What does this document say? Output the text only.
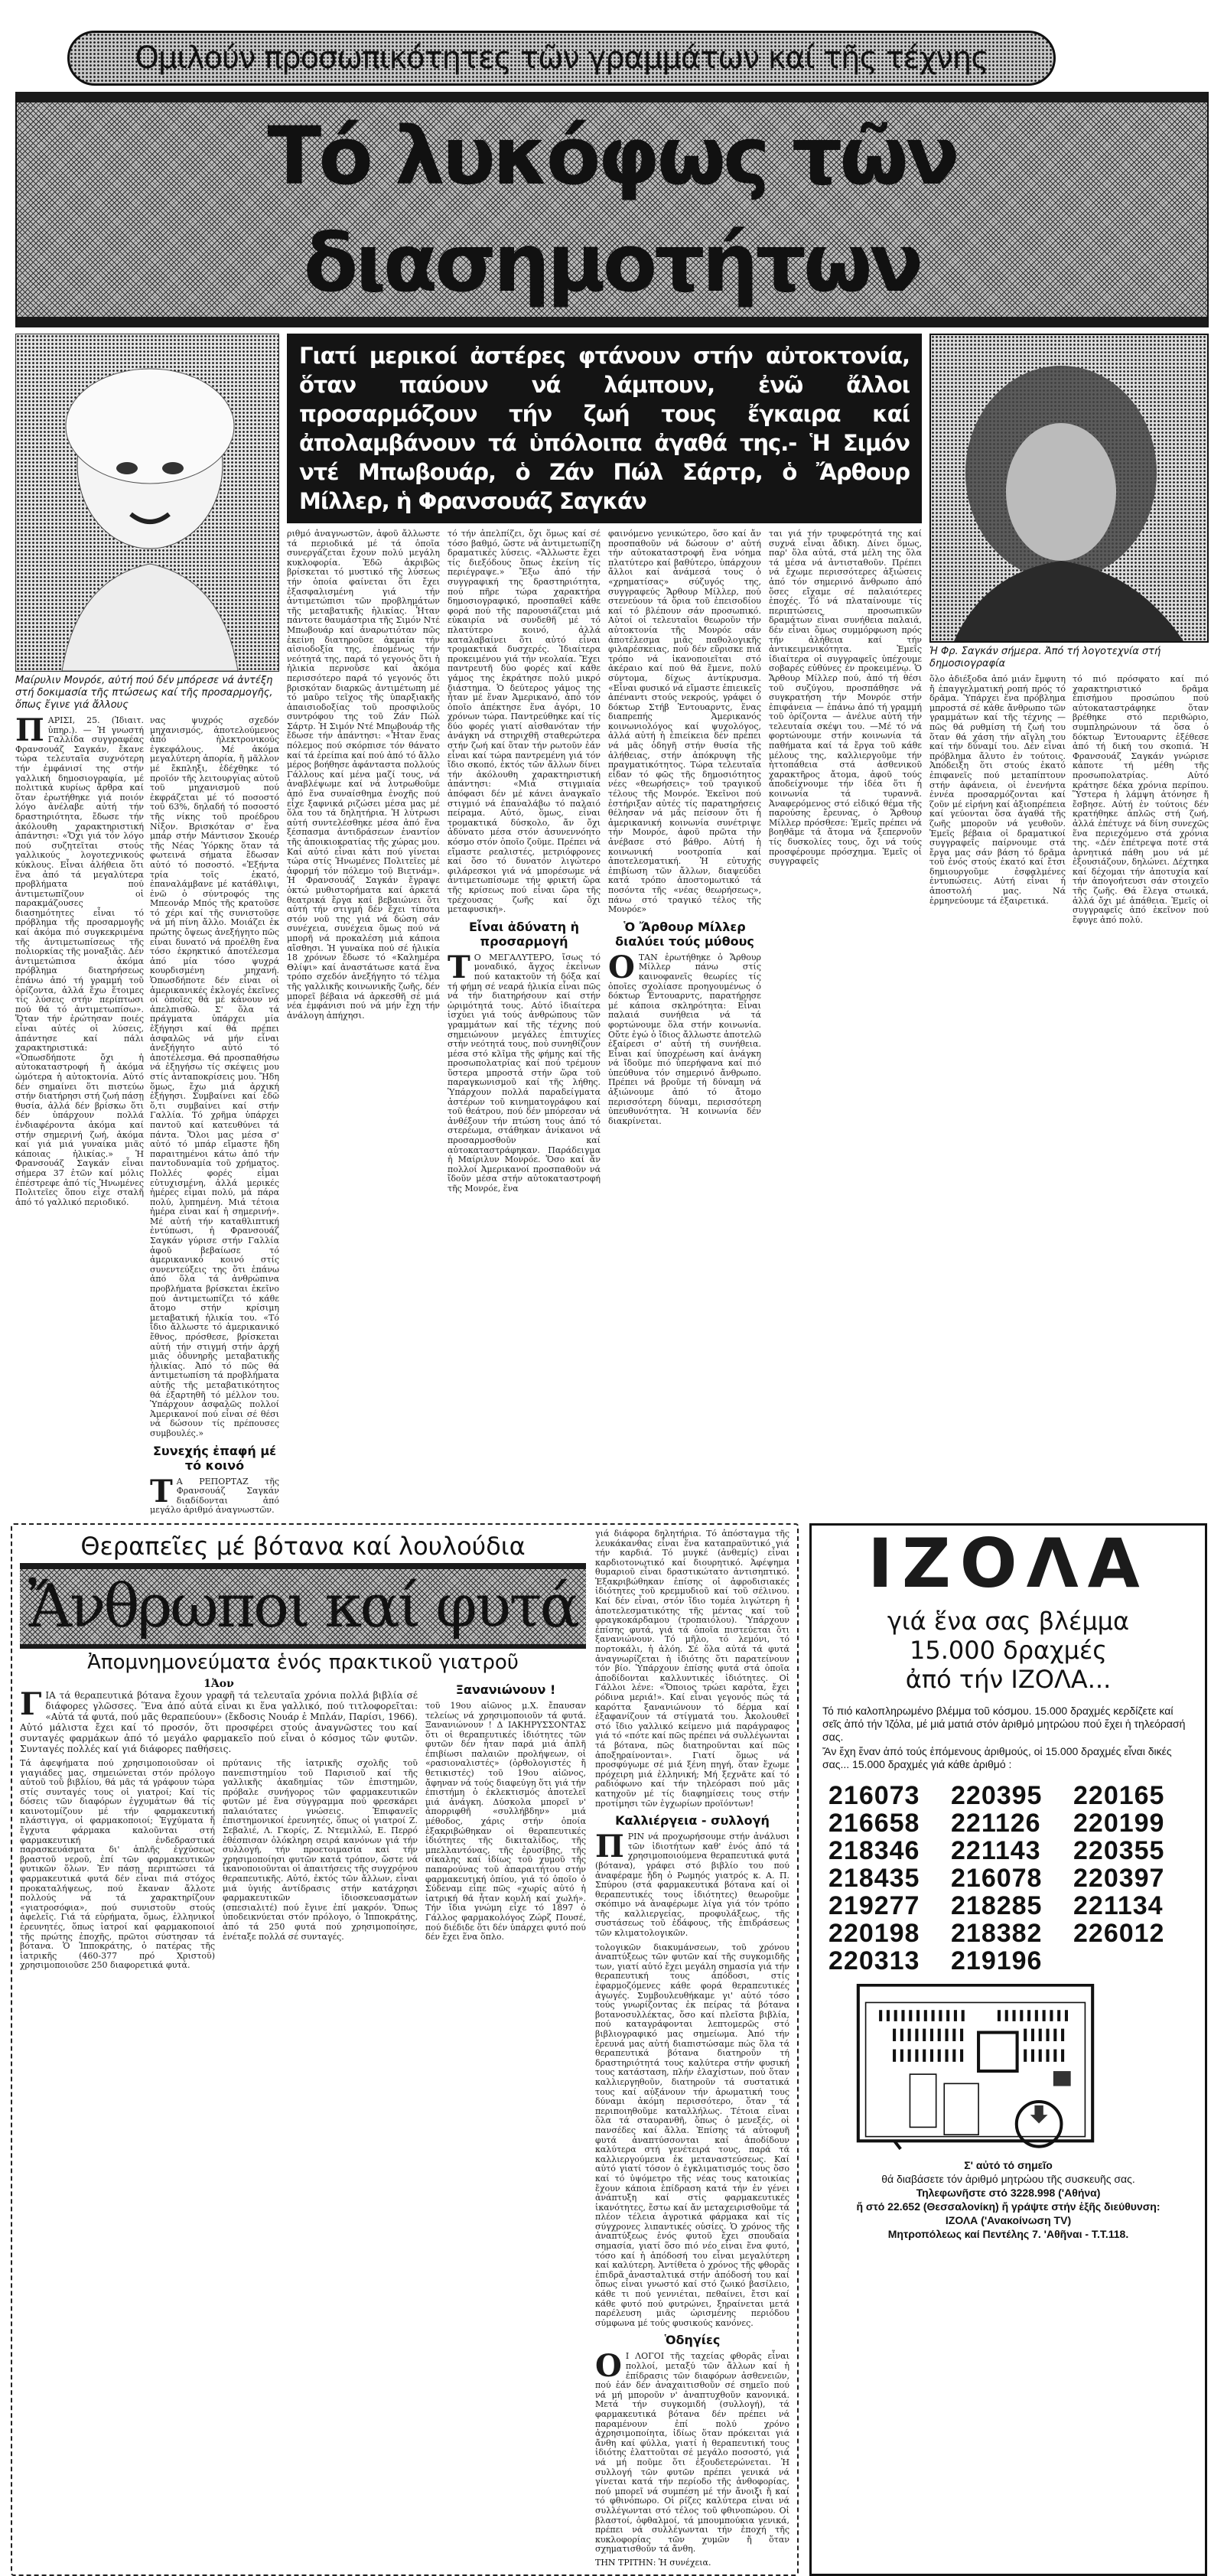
Ομιλούν προσωπικότητες τῶν γραμμάτων καί τῆς τέχνης
Τό λυκόφως τῶν διασημοτήτων
Μαίρυλιν Μονρόε, αὐτή πού δέν μπόρεσε νά ἀντέξη στή δοκιμασία τῆς πτώσεως καί τῆς προσαρμογῆς, ὅπως ἔγινε γιά ἄλλους
Π ΑΡΙΣΙ, 25. (Ἰδιαιτ. ὑπηρ.). — Ἡ γνωστή Γαλλίδα συγγραφέας Φρανσουάζ Σαγκάν, ἔκανε τώρα τελευταῖα συχνότερη τήν ἐμφάνισί της στήν γαλλική δημοσιογραφία, μέ πολιτικά κυρίως ἄρθρα καί ὅταν ἐρωτήθηκε γιά ποιόν λόγο ἀνέλαβε αὐτή τήν δραστηριότητα, ἔδωσε τήν ἀκόλουθη χαρακτηριστική ἀπάντησι: «Ὄχι γιά τόν λόγο πού συζητεῖται στούς γαλλικούς λογοτεχνικούς κύκλους. Εἶναι ἀλήθεια ὅτι ἕνα ἀπό τά μεγαλύτερα προβλήματα πού ἀντιμετωπίζουν οἱ παρακμάζουσες διασημότητες εἶναι τό πρόβλημα τῆς προσαρμογῆς καί ἀκόμα πιό συγκεκριμένα τῆς ἀντιμετωπίσεως τῆς πολιορκίας τῆς μοναξιᾶς. Δέν ἀντιμετώπισα ἀκόμα πρόβλημα διατηρήσεως ἐπάνω ἀπό τή γραμμή τοῦ ὁρίζοντα, ἀλλά ἔχω ἕτοιμες τίς λύσεις στήν περίπτωσι πού θά τό ἀντιμετωπίσω». Ὅταν τήν ἐρώτησαν ποιές εἶναι αὐτές οἱ λύσεις, ἀπάντησε καί πάλι χαρακτηριστικά: «Ὁπωσδήποτε ὄχι ἡ αὐτοκαταστροφή ἤ ἀκόμα ὠμότερα ἡ αὐτοκτονία. Αὐτό δέν σημαίνει ὅτι πιστεύω στήν διατήρησι στή ζωή πάσῃ θυσία, ἀλλά δέν βρίσκω ὅτι δέν ὑπάρχουν πολλά ἐνδιαφέροντα ἀκόμα καί στήν σημερινή ζωή, ἀκόμα καί γιά μιά γυναίκα μιᾶς κάποιας ἡλικίας.» Ἡ Φρανσουάζ Σαγκάν εἶναι σήμερα 37 ἐτῶν καί μόλις ἐπέστρεφε ἀπό τίς Ἡνωμένες Πολιτεῖες ὅπου εἶχε σταλῆ ἀπό τό γαλλικό περιοδικό.
νας ψυχρός σχεδόν μηχανισμός, ἀποτελούμενος ἀπό ἠλεκτρονικούς ἐγκεφάλους. Μέ ἀκόμα μεγαλύτερη ἀπορία, ἤ μᾶλλον μέ ἔκπληξι, ἐδέχθηκε τό προϊόν τῆς λειτουργίας αὐτοῦ τοῦ μηχανισμοῦ πού ἐκφράζεται μέ τό ποσοστό τοῦ 63%, δηλαδή τό ποσοστό τῆς νίκης τοῦ προέδρου Νίξον. Βρισκόταν σ' ἕνα μπάρ στήν Μάντισον Σκουέρ τῆς Νέας Ὑόρκης ὅταν τά φωτεινά σήματα ἔδωσαν αὐτό τό ποσοστό. «Ἑξήντα τρία τοῖς ἑκατό, ἐπαναλάμβανε μέ κατάθλιψι, ἐνῶ ὁ σύντροφός της Μπεονάρ Μπός τῆς κρατοῦσε τό χέρι καί τῆς συνιστοῦσε νά μή πίνη ἄλλο. Μοιάζει ἐκ πρώτης ὄψεως ἀνεξήγητο πῶς εἶναι δυνατό νά προέλθη ἕνα τόσο ἐκρηκτικό ἀποτέλεσμα ἀπό μία τόσο ψυχρά κουρδισμένη μηχανή. Ὁπωσδήποτε δέν εἶναι οἱ ἀμερικανικές ἐκλογές ἐκεῖνες οἱ ὁποῖες θά μέ κάνουν νά ἀπελπισθῶ. Σ' ὅλα τά πράγματα ὑπάρχει μία ἐξήγησι καί θά πρέπει ἀσφαλῶς νά μήν εἶναι ἀνεξήγητο αὐτό τό ἀποτέλεσμα. Θά προσπαθήσω νά ἐξηγήσω τίς σκέψεις μου στίς ἀνταποκρίσεις μου. Ἤδη ὅμως, ἔχω μιά ἀρχική ἐξήγησι. Συμβαίνει καί ἐδῶ ὅ,τι συμβαίνει καί στήν Γαλλία. Τό χρῆμα ὑπάρχει παντοῦ καί κατευθύνει τά πάντα. Ὅλοι μας μέσα σ' αὐτό τό μπάρ εἴμαστε ἤδη παραιτημένοι κάτω ἀπό τήν παντοδυναμία τοῦ χρήματος. Πολλές φορές εἶμαι εὐτυχισμένη, ἀλλά μερικές ἡμέρες εἶμαι πολύ, μά πάρα πολύ, λυπημένη. Μιά τέτοια ἡμέρα εἶναι καί ἡ σημερινή». Μέ αὐτή τήν καταθλιπτική ἐντύπωσι, ἡ Φρανσουάζ Σαγκάν γύρισε στήν Γαλλία ἀφοῦ βεβαίωσε τό ἀμερικανικό κοινό στίς συνεντεύξεις της ὅτι ἐπάνω ἀπό ὅλα τά ἀνθρώπινα προβλήματα βρίσκεται ἐκεῖνο πού ἀντιμετωπίζει τό κάθε ἄτομο στήν κρίσιμη μεταβατική ἡλικία του. «Τό ἴδιο ἄλλωστε τό ἀμερικανικό ἔθνος, πρόσθεσε, βρίσκεται αὐτή τήν στιγμή στήν ἀρχή μιᾶς ὀδυνηρῆς μεταβατικῆς ἡλικίας. Ἀπό τό πῶς θά ἀντιμετωπίση τά προβλήματα αὐτῆς τῆς μεταβατικότητος θά ἐξαρτηθῆ τό μέλλον του. Ὑπάρχουν ἀσφαλῶς πολλοί Ἀμερικανοί πού εἶναι σέ θέσι νά δώσουν τίς πρέπουσες συμβουλές.»
Συνεχής ἐπαφή μέ τό κοινό
Τ Α ΡΕΠΟΡΤΑΖ τῆς Φρανσουάζ Σαγκάν διαδίδονται ἀπό μεγάλο ἀριθμό ἀναγνωστῶν.
Γιατί μερικοί ἀστέρες φτάνουν στήν αὐτοκτονία, ὅταν παύουν νά λάμπουν, ἐνῶ ἄλλοι προσαρμόζουν τήν ζωή τους ἔγκαιρα καί ἀπολαμβάνουν τά ὑπόλοιπα ἀγαθά της.- Ἡ Σιμόν ντέ Μπωβουάρ, ὁ Ζάν Πώλ Σάρτρ, ὁ Ἄρθουρ Μίλλερ, ἡ Φρανσουάζ Σαγκάν
ριθμό ἀναγνωστῶν, ἀφοῦ ἄλλωστε τά περιοδικά μέ τά ὁποῖα συνεργάζεται ἔχουν πολύ μεγάλη κυκλοφορία. Ἐδῶ ἀκριβῶς βρίσκεται τό μυστικό τῆς λύσεως τήν ὁποία φαίνεται ὅτι ἔχει ἐξασφαλισμένη γιά τήν ἀντιμετώπισι τῶν προβλημάτων τῆς μεταβατικῆς ἡλικίας. Ἦταν πάντοτε θαυμάστρια τῆς Σιμόν Ντέ Μπωβουάρ καί ἀναρωτιόταν πῶς ἐκείνη διατηροῦσε ἀκμαία τήν αἰσιοδοξία της, ἐπομένως τήν νεότητά της, παρά τό γεγονός ὅτι ἡ ἡλικία περνοῦσε καί ἀκόμα περισσότερο παρά τό γεγονός ὅτι βρισκόταν διαρκῶς ἀντιμέτωπη μέ τό μαῦρο τεῖχος τῆς ὑπαρξιακῆς ἀπαισιοδοξίας τοῦ προσφιλοῦς συντρόφου της τοῦ Ζάν Πώλ Σάρτρ. Ἡ Σιμόν Ντέ Μπωβουάρ τῆς ἔδωσε τήν ἀπάντησι: «Ἦταν ἕνας πόλεμος πού σκόρπισε τόν θάνατο καί τά ἐρείπια καί πού ἀπό τό ἄλλο μέρος βοήθησε ἀφάνταστα πολλούς Γάλλους καί μένα μαζί τους, νά ἀναβλέψωμε καί νά λυτρωθοῦμε ἀπό ἕνα συναίσθημα ἐνοχῆς πού εἶχε ξαφνικά ριζώσει μέσα μας μέ ὅλα του τά δηλητήρια. Ἡ λύτρωσι αὐτή συντελέσθηκε μέσα ἀπό ἕνα ξέσπασμα ἀντιδράσεων ἐναντίον τῆς ἀποικιοκρατίας τῆς χώρας μου. Καί αὐτό εἶναι κάτι πού γίνεται τώρα στίς Ἡνωμένες Πολιτεῖες μέ ἀφορμή τόν πόλεμο τοῦ Βιετνάμ». Ἡ Φρανσουάζ Σαγκάν ἔγραψε ὀκτώ μυθιστορήματα καί ἀρκετά θεατρικά ἔργα καί βεβαιώνει ὅτι αὐτή τήν στιγμή δέν ἔχει τίποτα στόν νοῦ της γιά νά δώση σάν συνέχεια, συνέχεια ὅμως πού νά μπορῆ νά προκαλέση μιά κάποια αἴσθησι. Ἡ γυναίκα πού σέ ἡλικία 18 χρόνων ἔδωσε τό «Καλημέρα Θλίψι» καί ἀναστάτωσε κατά ἕνα τρόπο σχεδόν ἀνεξήγητο τό τέλμα τῆς γαλλικῆς κοινωνικῆς ζωῆς, δέν μπορεῖ βέβαια νά ἀρκεσθῆ σέ μιά νέα ἐμφάνισι πού νά μήν ἔχη τήν ἀνάλογη ἀπήχησι.
τό τήν ἀπελπίζει, ὄχι ὅμως καί σέ τόσο βαθμό, ὥστε νά ἀντιμετωπίζη δραματικές λύσεις. «Ἄλλωστε ἔχει τίς διεξόδους ὅπως ἐκείνη τίς περιέγραψε.» Ἔξω ἀπό τήν συγγραφική της δραστηριότητα, πού πῆρε τώρα χαρακτήρα δημοσιογραφικό, προσπαθεῖ κάθε φορά πού τῆς παρουσιάζεται μιά εὐκαιρία νά συνδεθῆ μέ τό πλατύτερο κοινό, ἀλλά καταλαβαίνει ὅτι αὐτό εἶναι τρομακτικά δυσχερές. Ἰδιαίτερα προκειμένου γιά τήν νεολαία. Ἔχει παντρευτῆ δύο φορές καί κάθε γάμος της ἐκράτησε πολύ μικρό διάστημα. Ὁ δεύτερος γάμος της ἦταν μέ ἕναν Ἀμερικανό, ἀπό τόν ὁποῖο ἀπέκτησε ἕνα ἀγόρι, 10 χρόνων τώρα. Παντρεύθηκε καί τίς δύο φορές γιατί αἰσθανόταν τήν ἀνάγκη νά στηριχθῆ σταθερώτερα στήν ζωή καί ὅταν τήν ρωτοῦν ἐάν εἶναι καί τώρα παντρεμένη γιά τόν ἴδιο σκοπό, ἐκτός τῶν ἄλλων δίνει τήν ἀκόλουθη χαρακτηριστική ἀπάντησι: «Μιά στιγμιαία ἀπόφασι δέν μέ κάνει ἀναγκαῖο στιγμιό νά ἐπαναλάβω τό παλαιό πείραμα. Αὐτό, ὅμως, εἶναι τρομακτικά δύσκολο, ἄν ὄχι ἀδύνατο μέσα στόν ἀσυνεννόητο κόσμο στόν ὁποῖο ζοῦμε. Πρέπει νά εἴμαστε ρεαλιστές, μετριόφρονες καί ὅσο τό δυνατόν λιγώτερο φιλάρεσκοι γιά νά μπορέσωμε νά ἀντιμετωπίσωμε τήν φρικτή ὥρα τῆς κρίσεως πού εἶναι ὥρα τῆς τρέχουσας ζωῆς καί ὄχι μεταφυσική».
Εἶναι ἀδύνατη ἡ προσαρμογή
Τ Ο ΜΕΓΑΛΥΤΕΡΟ, ἴσως τό μοναδικό, ἄγχος ἐκείνων πού κατακτοῦν τή δόξα καί τή φήμη σέ νεαρά ἡλικία εἶναι πῶς νά τήν διατηρήσουν καί στήν ὡριμότητά τους. Αὐτό ἰδιαίτερα ἰσχύει γιά τούς ἀνθρώπους τῶν γραμμάτων καί τῆς τέχνης πού σημειώνουν μεγάλες ἐπιτυχίες στήν νεότητά τους, πού συνηθίζουν μέσα στό κλῖμα τῆς φήμης καί τῆς προσωπολατρίας καί πού τρέμουν ὕστερα μπροστά στήν ὥρα τοῦ παραγκωνισμοῦ καί τῆς λήθης. Ὑπάρχουν πολλά παραδείγματα ἀστέρων τοῦ κινηματογράφου καί τοῦ θεάτρου, πού δέν μπόρεσαν νά ἀνθέξουν τήν πτώση τους ἀπό τό στερέωμα, στάθηκαν ἀνίκανοι νά προσαρμοσθοῦν καί αὐτοκαταστράφηκαν. Παράδειγμα ἡ Μαίριλυν Μονρόε. Ὅσο καί ἄν πολλοί Ἀμερικανοί προσπαθοῦν νά ἴδοῦν μέσα στήν αὐτοκαταστροφή τῆς Μονρόε, ἕνα
φαινόμενο γενικώτερο, ὅσο καί ἄν προσπαθοῦν νά δώσουν σ' αὐτή τήν αὐτοκαταστροφή ἕνα νόημα πλατύτερο καί βαθύτερο, ὑπάρχουν ἄλλοι καί ἀνάμεσά τους ὁ «χρηματίσας» σύζυγός της, συγγραφεύς Ἄρθουρ Μίλλερ, πού στενεύουν τά ὅρια τοῦ ἐπεισοδίου καί τό βλέπουν σάν προσωπικό. Αὐτοί οἱ τελευταῖοι θεωροῦν τήν αὐτοκτονία τῆς Μονρόε σάν ἀποτέλεσμα μιᾶς παθολογικῆς φιλαρέσκειας, πού δέν εὕρισκε πιά τρόπο νά ἱκανοποιεῖται στό ἀκέραιο καί πού θά ἔμενε, πολύ σύντομα, δίχως ἀντίκρυσμα. «Εἶναι φυσικό νά εἴμαστε ἐπιεικεῖς ἀπέναντι στούς νεκρούς, γράφει ὁ δόκτωρ Στήβ Ἐντουαρντς, ἕνας διαπρεπής Ἀμερικανός κοινωνιολόγος καί ψυχολόγος, ἀλλά αὐτή ἡ ἐπιείκεια δέν πρέπει νά μᾶς ὁδηγῆ στήν θυσία τῆς ἀλήθειας, στήν ἀπόκρυψη τῆς πραγματικότητος. Τώρα τελευταῖα εἶδαν τό φῶς τῆς δημοσιότητος νέες «θεωρήσεις» τοῦ τραγικοῦ τέλους τῆς Μονρόε. Ἐκεῖνοι πού ἐστήριξαν αὐτές τίς παρατηρήσεις θέλησαν νά μᾶς πείσουν ὅτι ἡ ἀμερικανική κοινωνία συνέτριψε τήν Μονρόε, ἀφοῦ πρῶτα τήν ἀνέβασε στό βάθρο. Αὐτή ἡ κοινωνική νοοτροπία καί ἀποτελεσματική. Ἡ εὐτυχής ἐπιβίωση τῶν ἄλλων, διαψεύδει κατά τρόπο ἀποστομωτικό τά ποσόντα τῆς «νέας θεωρήσεως», πάνω στό τραγικό τέλος τῆς Μονρόε»
Ὁ Ἄρθουρ Μίλλερ διαλύει τούς μύθους
Ο ΤΑΝ ἐρωτήθηκε ὁ Ἄρθουρ Μίλλερ πάνω στίς καινοφανεῖς θεωρίες τίς ὁποῖες σχολίασε προηγουμένως ὁ δόκτωρ Ἐντουαρντς, παρατήρησε μέ κάποια σκληρότητα: Εἶναι παλαιά συνήθεια νά τά φορτώνουμε ὅλα στήν κοινωνία. Οὔτε ἐγώ ὁ ἴδιος ἄλλωστε ἀποτελῶ ἐξαίρεσι σ' αὐτή τή συνήθεια. Εἶναι καί ὑποχρέωση καί ἀνάγκη νά ἴδοῦμε πιό ὑπερήφανα καί πιό ὑπεύθυνα τόν σημερινό ἄνθρωπο. Πρέπει νά βροῦμε τή δύναμη νά ἀξιώνουμε ἀπό τό ἄτομο περισσότερη δύναμι, περισσότερη ὑπευθυνότητα. Ἡ κοινωνία δέν διακρίνεται.
ται γιά τήν τρυφερότητά της καί συχνά εἶναι ἄδικη. Δίνει ὅμως, παρ' ὅλα αὐτά, στά μέλη της ὅλα τά μέσα νά ἀντισταθοῦν. Πρέπει νά ἔχωμε περισσότερες ἀξιώσεις ἀπό τόν σημερινό ἄνθρωπο ἀπό ὅσες εἴχαμε σέ παλαιότερες ἐποχές. Τό νά πλαταίνουμε τίς περιπτώσεις προσωπικῶν δραμάτων εἶναι συνήθεια παλαιά, δέν εἶναι ὅμως συμμόρφωση πρός τήν ἀλήθεια καί τήν ἀντικειμενικότητα. Ἐμεῖς ἰδιαίτερα οἱ συγγραφεῖς ὑπέχουμε σοβαρές εὐθύνες ἐν προκειμένῳ. Ὁ Ἄρθουρ Μίλλερ πού, ἀπό τή θέσι τοῦ συζύγου, προσπάθησε νά συγκρατήση τήν Μονρόε στήν ἐπιφάνεια — ἐπάνω ἀπό τή γραμμή τοῦ ὁρίζοντα — ἀνέλυε αὐτή τήν τελευταία σκέψι του. —Μέ τό νά φορτώνουμε στήν κοινωνία τά παθήματα καί τά ἔργα τοῦ κάθε μέλους της, καλλιεργοῦμε τήν ἡττοπάθεια στά ἀσθενικοῦ χαρακτῆρος ἄτομα, ἀφοῦ τούς ἀποδείχνουμε τήν ἰδέα ὅτι ἡ κοινωνία τά τυραννᾶ. Ἀναφερόμενος στό εἰδικό θέμα τῆς παρούσης ἔρευνας, ὁ Ἄρθουρ Μίλλερ πρόσθεσε: Ἐμεῖς πρέπει νά βοηθᾶμε τά ἄτομα νά ξεπερνοῦν τίς δυσκολίες τους, ὄχι νά τούς προσφέρουμε πρόσχημα. Ἐμεῖς οἱ συγγραφεῖς
Ἡ Φρ. Σαγκάν σήμερα. Ἀπό τή λογοτεχνία στή δημοσιογραφία
ὅλο ἀδιέξοδα ἀπό μιάν ἔμφυτη ἤ ἐπαγγελματική ροπή πρός τό δρᾶμα. Ὑπάρχει ἕνα πρόβλημα μπροστά σέ κάθε ἄνθρωπο τῶν γραμμάτων καί τῆς τέχνης — πῶς θά ρυθμίση τή ζωή του ὅταν θά χάση τήν αἴγλη του καί τήν δύναμί του. Δέν εἶναι πρόβλημα ἄλυτο ἐν τούτοις. Ἀπόδειξη ὅτι στούς ἑκατό ἐπιφανεῖς πού μεταπίπτουν στήν ἀφάνεια, οἱ ἐνενήντα ἐννέα προσαρμόζονται καί ζοῦν μέ εἰρήνη καί ἀξιοπρέπεια καί γεύονται ὅσα ἀγαθά τῆς ζωῆς μποροῦν νά γευθοῦν. Ἐμεῖς βέβαια οἱ δραματικοί συγγραφεῖς παίρνουμε στά ἔργα μας σάν βάση τό δρᾶμα τοῦ ἑνός στούς ἑκατό καί ἔτσι δημιουργοῦμε ἐσφαλμένες ἐντυπώσεις. Αὐτή εἶναι ἡ ἀποστολή μας. Νά ἑρμηνεύουμε τά ἐξαιρετικά.
τό πιό πρόσφατο καί πιό χαρακτηριστικό δρᾶμα ἐπισήμου προσώπου πού αὐτοκαταστράφηκε ὅταν βρέθηκε στό περιθώριο, συμπληρώνουν τά ὅσα ὁ δόκτωρ Ἐντουαρντς ἐξέθεσε ἀπό τή δική του σκοπιά. Ἡ Φρανσουάζ Σαγκάν γνώρισε κάποτε τή μέθη τῆς προσωπολατρίας. Αὐτό κράτησε δέκα χρόνια περίπου. Ὕστερα ἡ λάμψη ἀτόνησε ἤ ἔσβησε. Αὐτή ἐν τούτοις δέν κρατήθηκε ἁπλῶς στή ζωή, ἀλλά ἐπέτυχε νά δίνη συνεχῶς ἕνα περιεχόμενο στά χρόνια της. «Δέν ἐπέτρεψα ποτέ στά ἀρνητικά πάθη μου νά μέ ἐξουσιάζουν, δηλώνει. Δέχτηκα καί δέχομαι τήν ἀποτυχία καί τήν ἀπογοήτευσι σάν στοιχεῖο τῆς ζωῆς. Θά ἔλεγα στωικά, ἀλλά ὄχι μέ ἀπάθεια. Ἐμεῖς οἱ συγγραφεῖς ἀπό ἐκεῖνον πού ἔφυγε ἀπό πολύ.
Θεραπεῖες μέ βότανα καί λουλούδια
Ἄνθρωποι καί φυτά
Ἀπομνημονεύματα ἑνός πρακτικοῦ γιατροῦ
1Ἀον
Γ ΙΑ τά θεραπευτικά βότανα ἔχουν γραφῆ τά τελευταῖα χρόνια πολλά βιβλία σέ διάφορες γλῶσσες. Ἕνα ἀπό αὐτά εἶναι κι ἕνα γαλλικό, πού τιτλοφορεῖται: «Αὐτά τά φυτά, πού μᾶς θεραπεύουν» (ἔκδοσις Νουάρ ἐ Μπλάν, Παρίσι, 1966). Αὐτό μάλιστα ἔχει καί τό προσόν, ὅτι προσφέρει στούς ἀναγνῶστες του καί συνταγές φαρμάκων ἀπό τό μεγάλο φαρμακεῖο πού εἶναι ὁ κόσμος τῶν φυτῶν. Συνταγές πολλές καί γιά διάφορες παθήσεις.
Τά ἀφεψήματα πού χρησιμοποιοῦσαν οἱ γιαγιάδες μας, σημειώνεται στόν πρόλογο αὐτοῦ τοῦ βιβλίου, θά μᾶς τά γράφουν τώρα στίς συνταγές τους οἱ γιατροί; Καί τίς δόσεις τῶν διαφόρων ἐγχυμάτων θά τίς καινοτομίζουν μέ τήν φαρμακευτική πλάστιγγα, οἱ φαρμακοποιοί; Ἐγχύματα ἤ ἔγχυτα φάρμακα καλοῦνται στή φαρμακευτική ἐνδεδραστικά παρασκευάσματα δι' ἁπλῆς ἐγχύσεως βραστοῦ νεροῦ, ἐπί τῶν φαρμακευτικῶν φυτικῶν ὅλων. Ἐν πάσῃ περιπτώσει τά φαρμακευτικά φυτά δέν εἶναι πιά στόχος προκαταλήψεως, πού ἔκαναν ἄλλοτε πολλούς νά τά χαρακτηρίζουν «γιατροσόφια», πού συνιστοῦν στούς ἀφελεῖς. Γιά τά εὑρήματα, ὅμως, ἐλληνικοί ἐρευνητές, ὅπως ἰατροί καί φαρμακοποιοί τῆς πρώτης ἐποχῆς, πρῶτοι σύστησαν τά βότανα. Ὁ Ἱπποκράτης, ὁ πατέρας τῆς ἰατρικῆς (460-377 πρό Χριστοῦ) χρησιμοποιοῦσε 250 διαφορετικά φυτά.
πρύτανις τῆς ἰατρικῆς σχολῆς τοῦ πανεπιστημίου τοῦ Παρισιοῦ καί τῆς γαλλικῆς ἀκαδημίας τῶν ἐπιστημῶν, πρόβαλε συνήγορος τῶν φαρμακευτικῶν φυτῶν μέ ἕνα σύγγραμμα πού φρεσκάρει παλαιότατες γνώσεις. Ἐπιφανεῖς ἐπιστημονικοί ἐρευνητές, ὅπως οἱ γιατροί Ζ. Σεβαλιέ, Λ. Γκορίς, Ζ. Ντεμιλλώ, Ε. Περρό ἐθέσπισαν ὁλόκληρη σειρά κανόνων γιά τήν συλλογή, τήν προετοιμασία καί τήν χρησιμοποίησι φυτῶν κατά τρόπον, ὥστε νά ἱκανοποιοῦνται οἱ ἀπαιτήσεις τῆς συγχρόνου θεραπευτικῆς. Αὐτό, ἐκτός τῶν ἄλλων, εἶναι μιά ὑγιής ἀντίδρασις στήν κατάχρησι φαρμακευτικῶν ἰδιοσκευασμάτων (σπεσιαλιτέ) πού ἔγινε ἐπί μακρόν. Ὅπως ὑποδεικνύεται στόν πρόλογο, ὁ Ἱπποκράτης, ἀπό τά 250 φυτά πού χρησιμοποίησε, ἐνέταξε πολλά σέ συνταγές.
Ξανανιώνουν !
τοῦ 19ου αἰῶνος μ.Χ. ἔπαυσαν τελείως νά χρησιμοποιοῦν τά φυτά. Ξανανιώνουν ! Δ ΙΑΚΗΡΥΣΣΟΝΤΑΣ ὅτι οἱ θεραπευτικές ἰδιότητες τῶν φυτῶν δέν ἦταν παρά μιά ἁπλῆ ἐπιβίωσι παλαιῶν προλήψεων, οἱ «ρασιοναλιστές» (ὀρθολογιστές ἤ θετικιστές) τοῦ 19ου αἰῶνος, ἄφηναν νά τούς διαφεύγη ὅτι γιά τήν ἐπιστήμη ὁ ἐκλεκτισμός ἀποτελεῖ μιά ἀνάγκη. Δύσκολα μπορεῖ ν' ἀπορριφθῆ «συλλήβδην» μιά μέθοδος, χάρις στήν ὁποία ἐξακριβώθηκαν οἱ θεραπευτικές ἰδιότητες τῆς δικιταλίδος, τῆς μπελλαντόνας, τῆς ἐρυσίβης, τῆς σίκαλης καί ἰδίως τοῦ χυμοῦ τῆς παπαρούνας τοῦ ἀπαραιτήτου στήν φαρμακευτική ὀπίου, γιά τό ὁποῖο ὁ Σύδεναμ εἶπε πῶς «χωρίς αὐτό ἡ ἰατρική θά ἦταν κουλή καί χωλή». Τήν ἴδια γνώμη εἶχε τό 1897 ὁ Γάλλος φαρμακολόγος Ζώρζ Πουσέ, πού διέδιδε ὅτι δέν ὑπάρχει φυτό πού δέν ἔχει ἕνα ὅπλο.
γιά διάφορα δηλητήρια. Τό ἀπόσταγμα τῆς λευκάκανθας εἶναι ἕνα καταπραϋντικό γιά τήν καρδιά. Τό μυγκέ (ἀνθεμίς) εἶναι καρδιοτονωτικό καί διουρητικό. Ἀφέψημα θυμαριοῦ εἶναι δραστικώτατο ἀντισηπτικό. Ἐξακριβώθηκαν ἐπίσης οἱ ἀφροδισιακές ἰδιότητες τοῦ κρεμμυδιοῦ καί τοῦ σέλινου. Καί δέν εἶναι, στόν ἴδιο τομέα λιγώτερη ἡ ἀποτελεσματικότης τῆς μέντας καί τοῦ φραγκοκάρδαμου (τροπαιόλου). Ὑπάρχουν ἐπίσης φυτά, γιά τά ὁποῖα πιστεύεται ὅτι ξανανιώνουν. Τό μῆλο, τό λεμόνι, τό πορτοκάλι, ἡ ἀλόη. Σέ ὅλα αὐτά τά φυτά ἀναγνωρίζεται ἡ ἰδιότης ὅτι παρατείνουν τόν βίο. Ὑπάρχουν ἐπίσης φυτά στά ὁποῖα ἀποδίδονται καλλυντικές ἰδιότητες. Οἱ Γάλλοι λένε: «Ὅποιος τρώει καρότα, ἔχει ρόδινα μεριά!». Καί εἶναι γεγονός πώς τά καρόττα ξανανιώνουν τό δέρμα καί ἐξαφανίζουν τά στίγματά του. Ἀκολουθεῖ στό ἴδιο γαλλικό κείμενο μιά παράγραφος γιά τό «πότε καί πῶς πρέπει νά συλλέγωνται τά βότανα, πῶς διατηροῦνται καί πῶς ἀποξηραίνονται». Γιατί ὅμως νά προσφύγωμε σέ μιά ξένη πηγή, ὅταν ἔχωμε πρόχειρη μιά ἑλληνική; Μή ξεχνᾶτε καί τό ραδιόφωνο καί τήν τηλεόρασι πού μᾶς κατηχοῦν μέ τίς διαφημίσεις τους στήν προτίμησι τῶν ἐγχωρίων προϊόντων!
Καλλιέργεια - συλλογή
Π ΡΙΝ νά προχωρήσουμε στήν ἀνάλυσι τῶν ἰδιοτήτων καθ' ἑνός ἀπό τά χρησιμοποιούμενα θεραπευτικά φυτά (βότανα), γράφει στό βιβλίο του πού ἀναφέραμε ἤδη ὁ Ρωμηός γιατρός κ. Α. Π. Σπύρου (στά φαρμακευτικά βότανα καί οἱ θεραπευτικές τους ἰδιότητες) θεωροῦμε σκόπιμο νά ἀναφέρωμε λίγα γιά τόν τρόπο τῆς καλλιεργείας, προφυλάξεως, τῆς συστάσεως τοῦ ἐδάφους, τῆς ἐπιδράσεως τῶν κλιματολογικῶν.
τολογικῶν διακυμάνσεων, τοῦ χρόνου ἀναπτύξεως τῶν φυτῶν καί τῆς συγκομιδῆς των, γιατί αὐτό ἔχει μεγάλη σημασία γιά τήν θεραπευτική τους ἀπόδοσι, στίς ἐφαρμοζόμενες κάθε φορά θεραπευτικές ἀγωγές. Συμβουλευθήκαμε γι' αὐτό τόσο τούς γνωρίζοντας ἐκ πείρας τά βότανα βοτανοσυλλέκτας, ὅσο καί πλεῖστα βιβλία, πού καταγράφονται λεπτομερῶς στό βιβλιογραφικό μας σημείωμα. Ἀπό τήν ἔρευνά μας αὐτή διαπιστώσαμε πώς ὅλα τά θεραπευτικά βότανα διατηροῦν τή δραστηριότητά τους καλύτερα στήν φυσική τους κατάσταση, πλήν ἐλαχίστων, πού ὅταν καλλιεργηθοῦν, διατηροῦν τά συστατικά τους καί αὐξάνουν τήν ἀρωματική τους δύναμι ἀκόμη περισσότερο, ὅταν τά περιποιηθοῦμε καταλλήλως. Τέτοια εἶναι ὅλα τά σταυρανθῆ, ὅπως ὁ μενεξές, οἱ πανσέδες καί ἄλλα. Ἐπίσης τά αὐτοφυῆ φυτά ἀναπτύσσονται καί ἀποδίδουν καλύτερα στή γενέτειρά τους, παρά τά καλλιεργούμενα ἐκ μεταναστεύσεως. Καί αὐτό γιατί τόσον ὁ ἐγκλιματισμός τους ὅσο καί τό ὑψόμετρο τῆς νέας τους κατοικίας ἔχουν κάποια ἐπίδραση κατά τήν ἐν γένει ἀνάπτυξη καί στίς φαρμακευτικές ἱκανότητες, ἔστω καί ἄν μεταχειρισθοῦμε τά πλέον τέλεια ἀγροτικά φάρμακα καί τίς σύγχρονες λιπαντικές οὐσίες. Ὁ χρόνος τῆς ἀναπτύξεως ἑνός φυτοῦ ἔχει σπουδαία σημασία, γιατί ὅσο πιό νέο εἶναι ἕνα φυτό, τόσο καί ἡ ἀπόδοσή του εἶναι μεγαλύτερη καί καλύτερη. Ἀντίθετα ὁ χρόνος τῆς φθορᾶς ἐπιδρᾶ ἀνασταλτικά στήν ἀπόδοσή του καί ὅπως εἶναι γνωστό καί στό ζωικό βασίλειο, κάθε τι πού γεννιέται, πεθαίνει, ἔτσι καί κάθε φυτό πού φυτρώνει, ξηραίνεται μετά παρέλευση μιᾶς ὡρισμένης περιόδου σύμφωνα μέ τούς φυσικούς κανόνες.
Ὁδηγίες
Ο Ι ΛΟΓΟΙ τῆς ταχείας φθορᾶς εἶναι πολλοί, μεταξύ τῶν ἄλλων καί ἡ ἐπίδρασις τῶν διαφόρων ἀσθενειῶν, πού ἐάν δέν ἀναχαιτισθοῦν σέ σημεῖο πού νά μή μποροῦν ν' ἀναπτυχθοῦν κανονικά. Μετά τήν συγκομιδή (συλλογή), τά φαρμακευτικά βότανα δέν πρέπει νά παραμένουν ἐπί πολύ χρόνο ἀχρησιμοποίητα, ἰδίως ὅταν πρόκειται γιά ἄνθη καί φύλλα, γιατί ἡ θεραπευτική τους ἰδιότης ἐλαττοῦται σέ μεγάλο ποσοστό, γιά νά μή ποῦμε ὅτι ἐξουδετερώνεται. Ἡ συλλογή τῶν φυτῶν πρέπει γενικά νά γίνεται κατά τήν περίοδο τῆς ἀνθοφορίας, πού μπορεῖ νά συμπέση μέ τήν ἄνοιξι ἤ καί τό φθινόπωρο. Οἱ ρίζες καλύτερα εἶναι νά συλλέγωνται στό τέλος τοῦ φθινοπώρου. Οἱ βλαστοί, ὀφθαλμοί, τά μπουμπούκια γενικά, πρέπει νά συλλέγωνται τήν ἐποχή τῆς κυκλοφορίας τῶν χυμῶν ἤ ὅταν σχηματισθοῦν τά ἄνθη.
ΤΗΝ ΤΡΙΤΗΝ: Ἡ συνέχεια.
ΙΖΟΛΑ
γιά ἕνα σας βλέμμα
15.000 δραχμές
ἀπό τήν ΙΖΟΛΑ...
Τό πιό καλοπληρωμένο βλέμμα τοῦ κόσμου. 15.000 δραχμές κερδίζετε καί σεῖς ἀπό τήν Ἰζόλα, μέ μιά ματιά στόν ἀριθμό μητρώου πού ἔχει ἡ τηλεόρασή σας.
Ἄν ἔχη ἕναν ἀπό τούς ἑπόμενους ἀριθμούς, οἱ 15.000 δραχμές εἶναι δικές σας... 15.000 δραχμές γιά κάθε ἀριθμό :
216073	220395	220165
216658	221126	220199
218346	221143	220355
218435	216078	220397
219277	218285	221134
220198	218382	226012
220313	219196
Σ' αὐτό τό σημεῖο
θά διαβάσετε τόν ἀριθμό μητρώου τῆς συσκευῆς σας.
Τηλεφωνῆστε στό 3228.998 ('Αθήνα)
ἤ στό 22.652 (Θεσσαλονίκη) ἤ γράψτε στήν ἑξῆς διεύθυνση:
ΙΖΟΛΑ ('Ανακοίνωση TV)
Μητροπόλεως καί Πεντέλης 7. 'Αθῆναι - Τ.Τ.118.
